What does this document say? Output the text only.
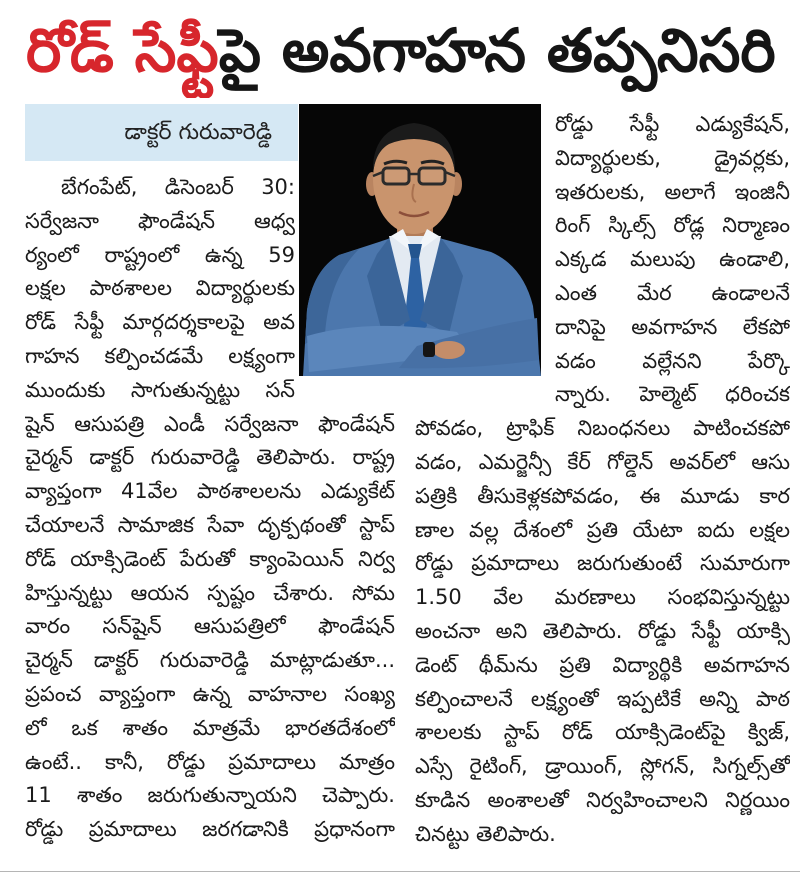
రోడ్ సేఫ్టీపై అవగాహన తప్పనిసరి
డాక్టర్ గురువారెడ్డి
బేగంపేట్, డిసెంబర్ 30:
సర్వేజనా ఫౌండేషన్ ఆధ్వ
ర్యంలో రాష్ట్రంలో ఉన్న 59
లక్షల పాఠశాలల విద్యార్థులకు
రోడ్ సేఫ్టీ మార్గదర్శకాలపై అవ
గాహన కల్పించడమే లక్ష్యంగా
ముందుకు సాగుతున్నట్టు సన్
షైన్ ఆసుపత్రి ఎండీ సర్వేజనా ఫౌండేషన్
చైర్మన్ డాక్టర్ గురువారెడ్డి తెలిపారు. రాష్ట్ర
వ్యాప్తంగా 41వేల పాఠశాలలను ఎడ్యుకేట్
చేయాలనే సామాజిక సేవా దృక్పథంతో స్టాప్
రోడ్ యాక్సిడెంట్ పేరుతో క్యాంపెయిన్ నిర్వ
హిస్తున్నట్టు ఆయన స్పష్టం చేశారు. సోమ
వారం సన్‌షైన్ ఆసుపత్రిలో ఫౌండేషన్
చైర్మన్ డాక్టర్ గురువారెడ్డి మాట్లాడుతూ...
ప్రపంచ వ్యాప్తంగా ఉన్న వాహనాల సంఖ్య
లో ఒక శాతం మాత్రమే భారతదేశంలో
ఉంటే.. కానీ, రోడ్డు ప్రమాదాలు మాత్రం
11 శాతం జరుగుతున్నాయని చెప్పారు.
రోడ్డు ప్రమాదాలు జరగడానికి ప్రధానంగా
రోడ్డు సేఫ్టీ ఎడ్యుకేషన్,
విద్యార్థులకు, డ్రైవర్లకు,
ఇతరులకు, అలాగే ఇంజినీ
రింగ్ స్కిల్స్ రోడ్ల నిర్మాణం
ఎక్కడ మలుపు ఉండాలి,
ఎంత మేర ఉండాలనే
దానిపై అవగాహన లేకపో
వడం వల్లేనని పేర్కొ
న్నారు. హెల్మెట్ ధరించక
పోవడం, ట్రాఫిక్ నిబంధనలు పాటించకపో
వడం, ఎమర్జెన్సీ కేర్ గోల్డెన్ అవర్‌లో ఆసు
పత్రికి తీసుకెళ్లకపోవడం, ఈ మూడు కార
ణాల వల్ల దేశంలో ప్రతి యేటా ఐదు లక్షల
రోడ్డు ప్రమాదాలు జరుగుతుంటే సుమారుగా
1.50 వేల మరణాలు సంభవిస్తున్నట్టు
అంచనా అని తెలిపారు. రోడ్డు సేఫ్టీ యాక్సి
డెంట్ థీమ్‌ను ప్రతి విద్యార్థికి అవగాహన
కల్పించాలనే లక్ష్యంతో ఇప్పటికే అన్ని పాఠ
శాలలకు స్టాప్ రోడ్ యాక్సిడెంట్‌పై క్విజ్,
ఎస్సే రైటింగ్, డ్రాయింగ్, స్లోగన్, సిగ్నల్స్‌తో
కూడిన అంశాలతో నిర్వహించాలని నిర్ణయిం
చినట్టు తెలిపారు.
